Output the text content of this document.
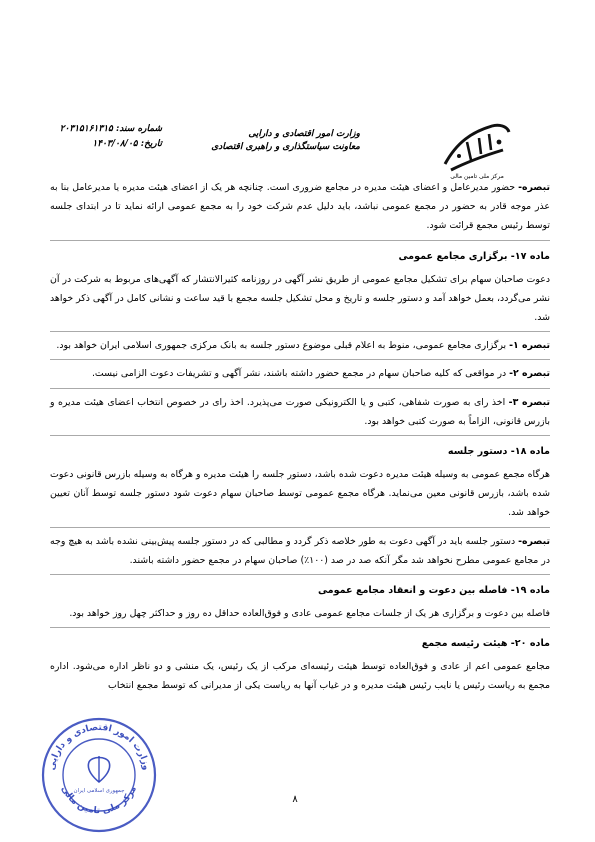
مرکز ملی تامین مالی
وزارت امور اقتصادی و دارایی
معاونت سیاستگذاری و راهبری اقتصادی
شماره سند: ۲۰۳۱۵۱۶۱۳۱۵
تاریخ: ۱۴۰۳/۰۸/۰۵

تبصره- حضور مدیرعامل و اعضای هیئت مدیره در مجامع ضروری است. چنانچه هر یک از اعضای هیئت مدیره یا مدیرعامل بنا به عذر موجه قادر به حضور در مجمع عمومی نباشد، باید دلیل عدم شرکت خود را به مجمع عمومی ارائه نماید تا در ابتدای جلسه توسط رئیس مجمع قرائت شود.

ماده ۱۷- برگزاری مجامع عمومی

دعوت صاحبان سهام برای تشکیل مجامع عمومی از طریق نشر آگهی در روزنامه کثیرالانتشار که آگهی‌های مربوط به شرکت در آن نشر می‌گردد، بعمل خواهد آمد و دستور جلسه و تاریخ و محل تشکیل جلسه مجمع با قید ساعت و نشانی کامل در آگهی ذکر خواهد شد.

تبصره ۱- برگزاری مجامع عمومی، منوط به اعلام قبلی موضوع دستور جلسه به بانک مرکزی جمهوری اسلامی ایران خواهد بود.

تبصره ۲- در مواقعی که کلیه صاحبان سهام در مجمع حضور داشته باشند، نشر آگهی و تشریفات دعوت الزامی نیست.

تبصره ۳- اخذ رای به صورت شفاهی، کتبی و یا الکترونیکی صورت می‌پذیرد. اخذ رای در خصوص انتخاب اعضای هیئت مدیره و بازرس قانونی، الزاماً به صورت کتبی خواهد بود.

ماده ۱۸- دستور جلسه

هرگاه مجمع عمومی به وسیله هیئت مدیره دعوت شده باشد، دستور جلسه را هیئت مدیره و هرگاه به وسیله بازرس قانونی دعوت شده باشد، بازرس قانونی معین می‌نماید. هرگاه مجمع عمومی توسط صاحبان سهام دعوت شود دستور جلسه توسط آنان تعیین خواهد شد.

تبصره- دستور جلسه باید در آگهی دعوت به طور خلاصه ذکر گردد و مطالبی که در دستور جلسه پیش‌بینی نشده باشد به هیچ وجه در مجامع عمومی مطرح نخواهد شد مگر آنکه صد در صد (۱۰۰٪) صاحبان سهام در مجمع حضور داشته باشند.

ماده ۱۹- فاصله بین دعوت و انعقاد مجامع عمومی

فاصله بین دعوت و برگزاری هر یک از جلسات مجامع عمومی عادی و فوق‌العاده حداقل ده روز و حداکثر چهل روز خواهد بود.

ماده ۲۰- هیئت رئیسه مجمع

مجامع عمومی اعم از عادی و فوق‌العاده توسط هیئت رئیسه‌ای مرکب از یک رئیس، یک منشی و دو ناظر اداره می‌شود. اداره مجمع به ریاست رئیس یا نایب رئیس هیئت مدیره و در غیاب آنها به ریاست یکی از مدیرانی که توسط مجمع انتخاب

۸
وزارت امور اقتصادی و دارایی
جمهوری اسلامی ایران
مرکز ملی تامین مالی
